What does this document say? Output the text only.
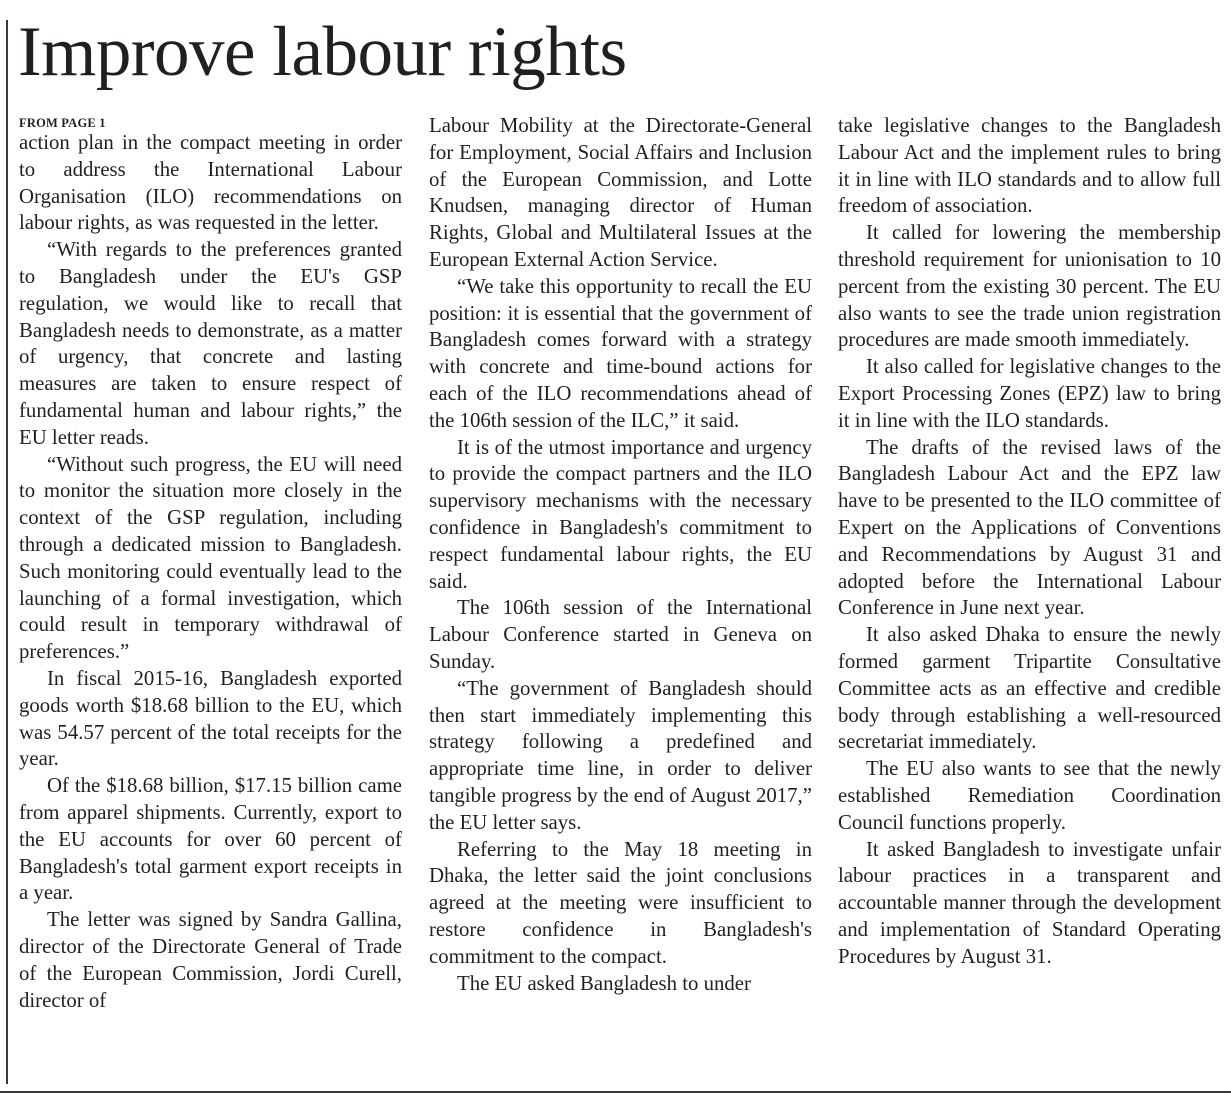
Improve labour rights
FROM PAGE 1

action plan in the compact meeting in order to address the International Labour Organisation (ILO) recommendations on labour rights, as was requested in the letter.

“With regards to the preferences granted to Bangladesh under the EU's GSP regulation, we would like to recall that Bangladesh needs to demonstrate, as a matter of urgency, that concrete and lasting measures are taken to ensure respect of fundamental human and labour rights,” the EU letter reads.

“Without such progress, the EU will need to monitor the situation more closely in the context of the GSP regulation, including through a dedicated mission to Bangladesh. Such monitoring could eventually lead to the launching of a formal investigation, which could result in temporary withdrawal of preferences.”

In fiscal 2015-16, Bangladesh exported goods worth $18.68 billion to the EU, which was 54.57 percent of the total receipts for the year.

Of the $18.68 billion, $17.15 billion came from apparel shipments. Currently, export to the EU accounts for over 60 percent of Bangladesh's total garment export receipts in a year.

The letter was signed by Sandra Gallina, director of the Directorate General of Trade of the European Commission, Jordi Curell, director of

Labour Mobility at the Directorate-General for Employment, Social Affairs and Inclusion of the European Commission, and Lotte Knudsen, managing director of Human Rights, Global and Multilateral Issues at the European External Action Service.

“We take this opportunity to recall the EU position: it is essential that the government of Bangladesh comes forward with a strategy with concrete and time-bound actions for each of the ILO recommendations ahead of the 106th session of the ILC,” it said.

It is of the utmost importance and urgency to provide the compact partners and the ILO supervisory mechanisms with the necessary confidence in Bangladesh's commitment to respect fundamental labour rights, the EU said.

The 106th session of the International Labour Conference started in Geneva on Sunday.

“The government of Bangladesh should then start immediately implementing this strategy following a predefined and appropriate time line, in order to deliver tangible progress by the end of August 2017,” the EU letter says.

Referring to the May 18 meeting in Dhaka, the letter said the joint conclusions agreed at the meeting were insufficient to restore confidence in Bangladesh's commitment to the compact.

The EU asked Bangladesh to under

take legislative changes to the Bangladesh Labour Act and the implement rules to bring it in line with ILO standards and to allow full freedom of association.

It called for lowering the membership threshold requirement for unionisation to 10 percent from the existing 30 percent. The EU also wants to see the trade union registration procedures are made smooth immediately.

It also called for legislative changes to the Export Processing Zones (EPZ) law to bring it in line with the ILO standards.

The drafts of the revised laws of the Bangladesh Labour Act and the EPZ law have to be presented to the ILO committee of Expert on the Applications of Conventions and Recommendations by August 31 and adopted before the International Labour Conference in June next year.

It also asked Dhaka to ensure the newly formed garment Tripartite Consultative Committee acts as an effective and credible body through establishing a well-resourced secretariat immediately.

The EU also wants to see that the newly established Remediation Coordination Council functions properly.

It asked Bangladesh to investigate unfair labour practices in a transparent and accountable manner through the development and implementation of Standard Operating Procedures by August 31.
